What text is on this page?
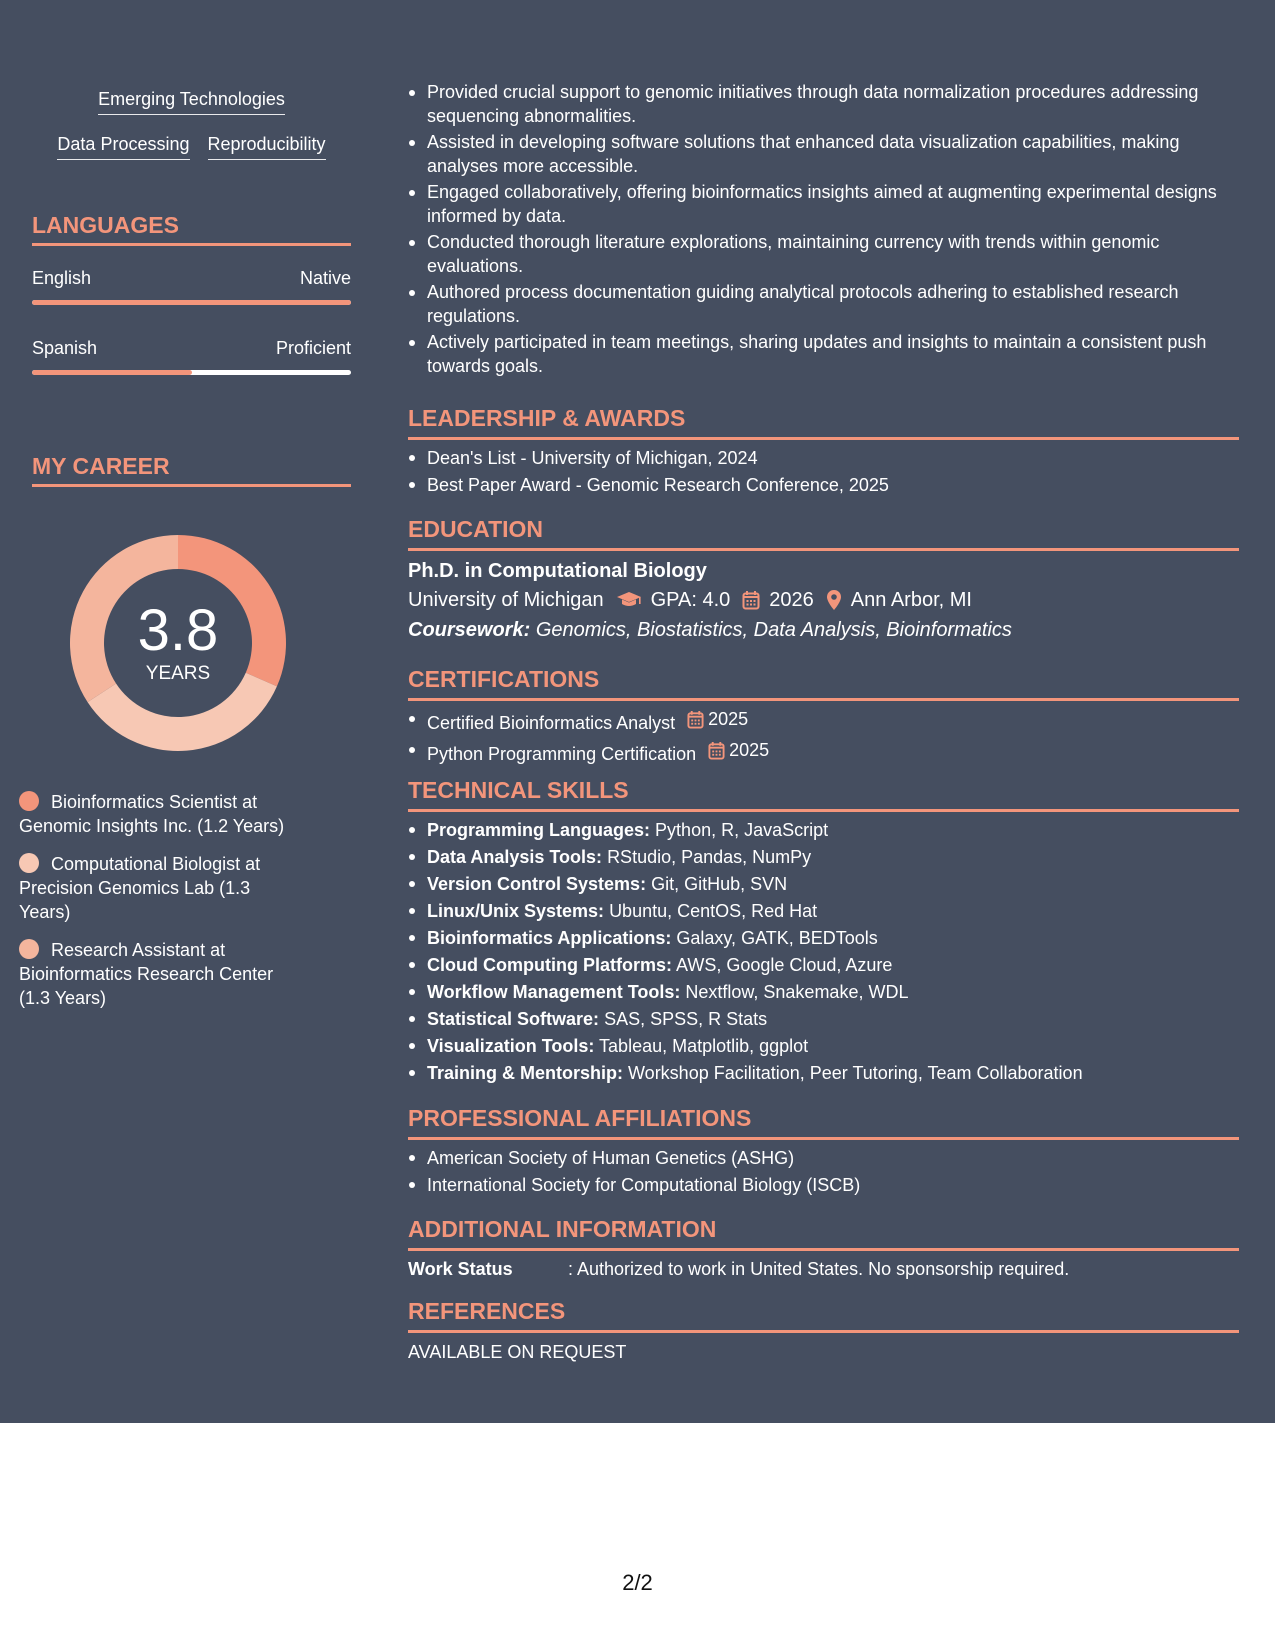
Emerging Technologies
Data Processing Reproducibility
LANGUAGES
English	Native
Spanish	Proficient
MY CAREER
3.8
YEARS
Bioinformatics Scientist at Genomic Insights Inc. (1.2 Years)
Computational Biologist at Precision Genomics Lab (1.3 Years)
Research Assistant at Bioinformatics Research Center (1.3 Years)
Provided crucial support to genomic initiatives through data normalization procedures addressing sequencing abnormalities.
Assisted in developing software solutions that enhanced data visualization capabilities, making analyses more accessible.
Engaged collaboratively, offering bioinformatics insights aimed at augmenting experimental designs informed by data.
Conducted thorough literature explorations, maintaining currency with trends within genomic evaluations.
Authored process documentation guiding analytical protocols adhering to established research regulations.
Actively participated in team meetings, sharing updates and insights to maintain a consistent push towards goals.
LEADERSHIP & AWARDS
Dean's List - University of Michigan, 2024
Best Paper Award - Genomic Research Conference, 2025
EDUCATION
Ph.D. in Computational Biology
University of Michigan GPA: 4.0 2026 Ann Arbor, MI
Coursework: Genomics, Biostatistics, Data Analysis, Bioinformatics
CERTIFICATIONS
Certified Bioinformatics Analyst 2025
Python Programming Certification 2025
TECHNICAL SKILLS
Programming Languages: Python, R, JavaScript
Data Analysis Tools: RStudio, Pandas, NumPy
Version Control Systems: Git, GitHub, SVN
Linux/Unix Systems: Ubuntu, CentOS, Red Hat
Bioinformatics Applications: Galaxy, GATK, BEDTools
Cloud Computing Platforms: AWS, Google Cloud, Azure
Workflow Management Tools: Nextflow, Snakemake, WDL
Statistical Software: SAS, SPSS, R Stats
Visualization Tools: Tableau, Matplotlib, ggplot
Training & Mentorship: Workshop Facilitation, Peer Tutoring, Team Collaboration
PROFESSIONAL AFFILIATIONS
American Society of Human Genetics (ASHG)
International Society for Computational Biology (ISCB)
ADDITIONAL INFORMATION
Work Status	: Authorized to work in United States. No sponsorship required.
REFERENCES
AVAILABLE ON REQUEST
2/2
